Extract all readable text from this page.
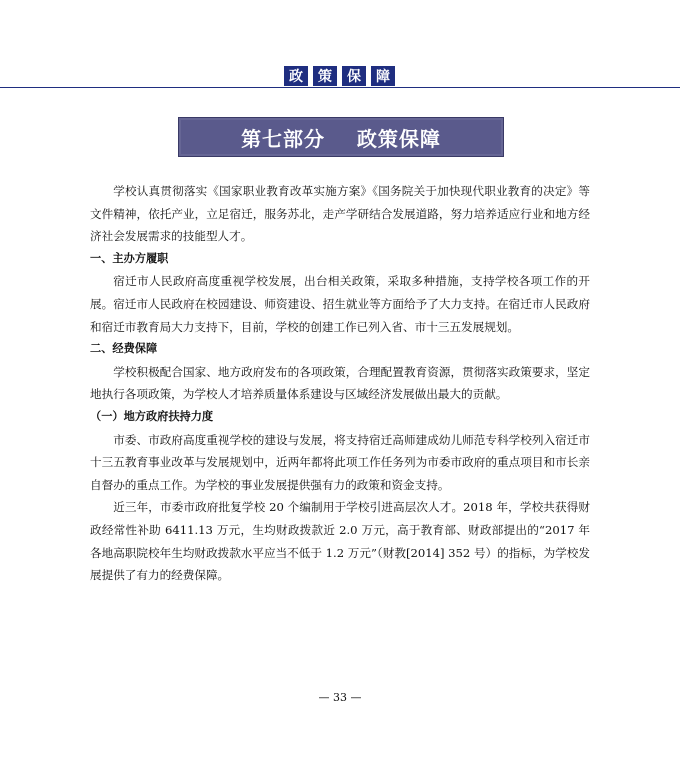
政	策	保	障
第七部分    政策保障

学校认真贯彻落实《国家职业教育改革实施方案》《国务院关于加快现代职业教育的决定》等文件精神，依托产业，立足宿迁，服务苏北，走产学研结合发展道路，努力培养适应行业和地方经济社会发展需求的技能型人才。

一、主办方履职

宿迁市人民政府高度重视学校发展，出台相关政策，采取多种措施，支持学校各项工作的开展。宿迁市人民政府在校园建设、师资建设、招生就业等方面给予了大力支持。在宿迁市人民政府和宿迁市教育局大力支持下，目前，学校的创建工作已列入省、市十三五发展规划。

二、经费保障

学校积极配合国家、地方政府发布的各项政策，合理配置教育资源，贯彻落实政策要求，坚定地执行各项政策，为学校人才培养质量体系建设与区域经济发展做出最大的贡献。

（一）地方政府扶持力度

市委、市政府高度重视学校的建设与发展，将支持宿迁高师建成幼儿师范专科学校列入宿迁市十三五教育事业改革与发展规划中，近两年都将此项工作任务列为市委市政府的重点项目和市长亲自督办的重点工作。为学校的事业发展提供强有力的政策和资金支持。

近三年，市委市政府批复学校 20 个编制用于学校引进高层次人才。2018 年，学校共获得财政经常性补助 6411.13 万元，生均财政拨款近 2.0 万元，高于教育部、财政部提出的“2017 年各地高职院校年生均财政拨款水平应当不低于 1.2 万元”（财教[2014] 352 号）的指标，为学校发展提供了有力的经费保障。

— 33 —
